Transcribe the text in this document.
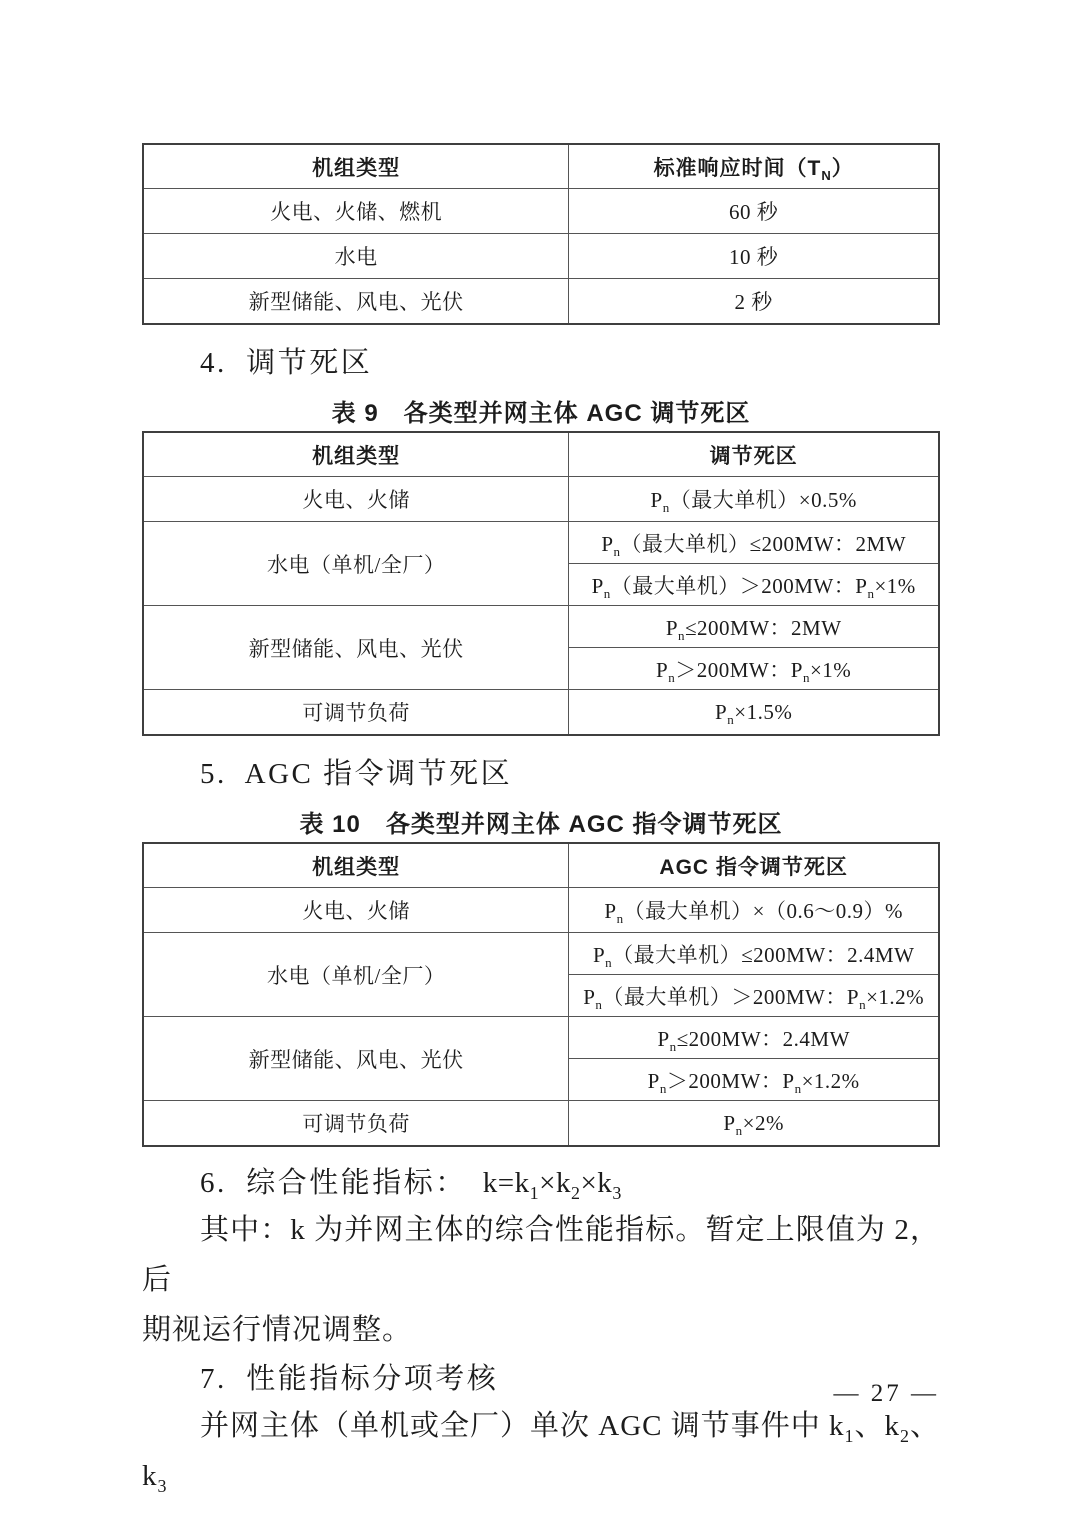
机组类型	标准响应时间$(T_N)$
火电、火储、燃机	60 秒
水电	10 秒
新型储能、风电、光伏	2 秒
4.  调节死区
表 9　各类型并网主体 AGC 调节死区
机组类型	调节死区
火电、火储	$P_n$（最大单机）×0.5%
水电（单机/全厂）	$P_n$（最大单机）≤200MW：2MW
	$P_n$（最大单机）＞200MW：$P_n\times 1\%$
新型储能、风电、光伏	$P_n\le 200MW$：2MW
	$P_n>200MW$：$P_n\times 1\%$
可调节负荷	$P_n\times 1.5\%$
5.  AGC 指令调节死区
表 10　各类型并网主体 AGC 指令调节死区
机组类型	AGC 指令调节死区
火电、火储	$P_n$（最大单机）×（0.6～0.9）%
水电（单机/全厂）	$P_n$（最大单机）≤200MW：2.4MW
	$P_n$（最大单机）＞200MW：$P_n\times 1.2\%$
新型储能、风电、光伏	$P_n\le 200MW$：2.4MW
	$P_n>200MW$：$P_n\times 1.2\%$
可调节负荷	$P_n\times 2\%$
6.  综合性能指标： $k=k_1\times k_2\times k_3$
其中：k 为并网主体的综合性能指标。暂定上限值为 2，后
期视运行情况调整。
7.  性能指标分项考核
并网主体（单机或全厂）单次 AGC 调节事件中 $k_1$、$k_2$、$k_3$
— 27 —
